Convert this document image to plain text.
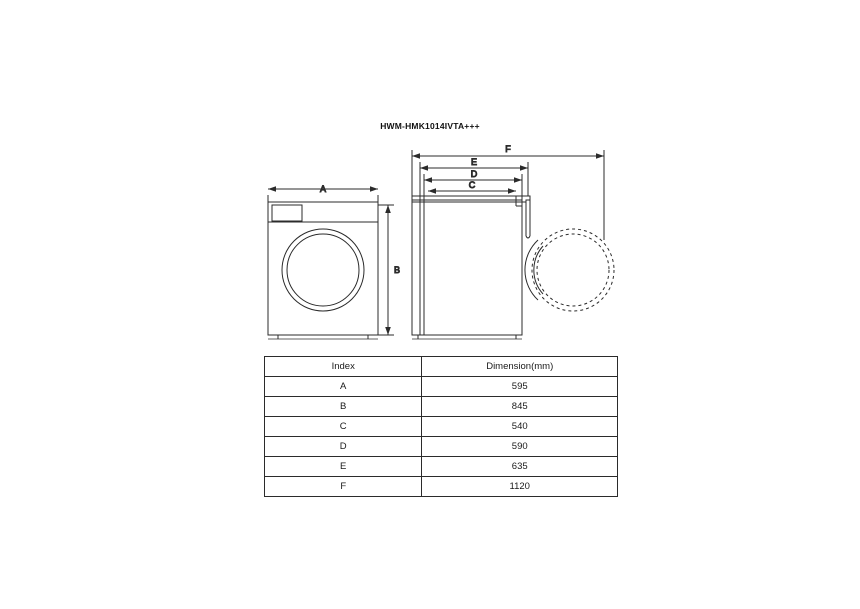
HWM-HMK1014IVTA+++
A
B
F
E
D
C
Index	Dimension(mm)
A	595
B	845
C	540
D	590
E	635
F	1120
